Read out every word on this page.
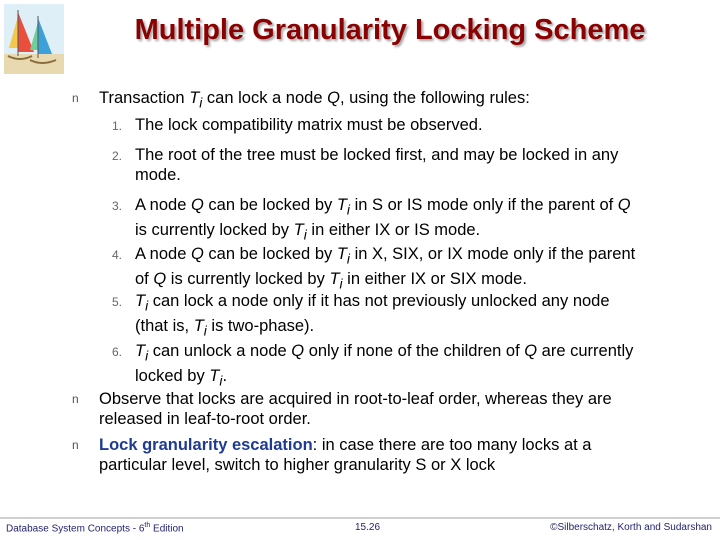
Multiple Granularity Locking Scheme
n Transaction $T_i$ can lock a node Q, using the following rules:
1. The lock compatibility matrix must be observed.
2. The root of the tree must be locked first, and may be locked in any
mode.
3. A node Q can be locked by $T_i$ in S or IS mode only if the parent of Q
is currently locked by $T_i$ in either IX or IS mode.
4. A node Q can be locked by $T_i$ in X, SIX, or IX mode only if the parent
of Q is currently locked by $T_i$ in either IX or SIX mode.
5. $T_i$ can lock a node only if it has not previously unlocked any node
(that is, $T_i$ is two-phase).
6. $T_i$ can unlock a node Q only if none of the children of Q are currently
locked by $T_i$.
n Observe that locks are acquired in root-to-leaf order, whereas they are
released in leaf-to-root order.
n Lock granularity escalation: in case there are too many locks at a
particular level, switch to higher granularity S or X lock
Database System Concepts - 6th Edition	15.26	©Silberschatz, Korth and Sudarshan
